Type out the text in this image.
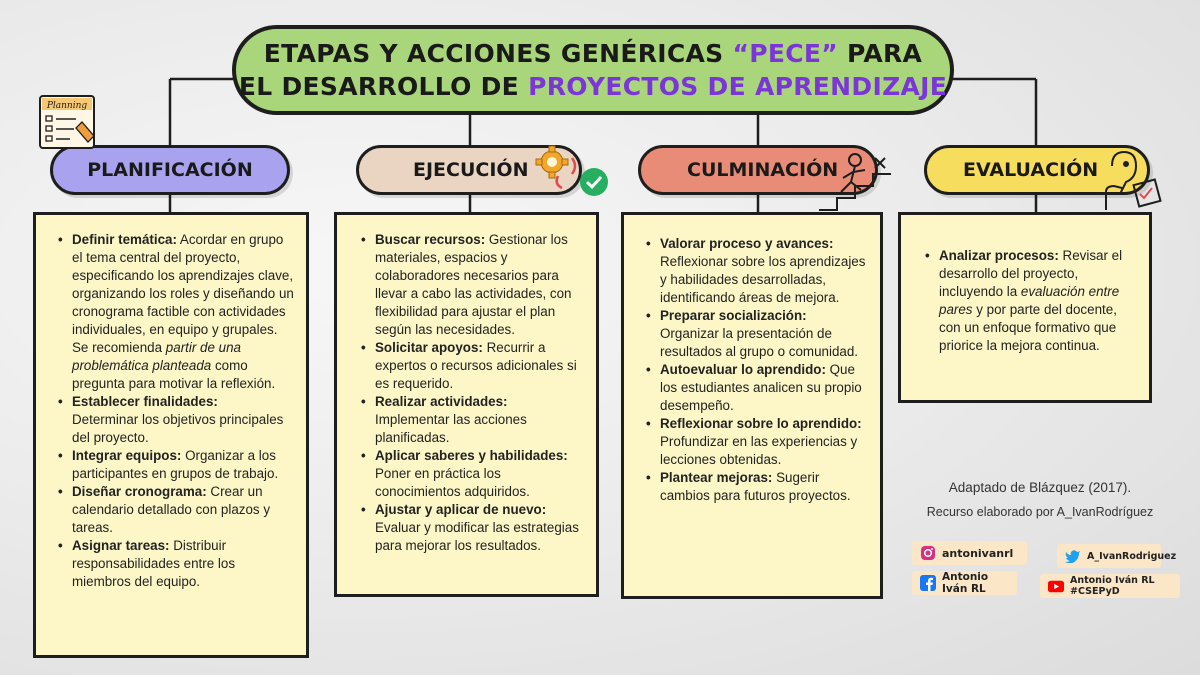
ETAPAS Y ACCIONES GENÉRICAS “PECE” PARA
EL DESARROLLO DE PROYECTOS DE APRENDIZAJE
PLANIFICACIÓN	EJECUCIÓN	CULMINACIÓN	EVALUACIÓN
Planning
• Definir temática: Acordar en grupo el tema central del proyecto, especificando los aprendizajes clave, organizando los roles y diseñando un cronograma factible con actividades individuales, en equipo y grupales. Se recomienda partir de una problemática planteada como pregunta para motivar la reflexión.
• Establecer finalidades:
Determinar los objetivos principales del proyecto.
• Integrar equipos: Organizar a los participantes en grupos de trabajo.
• Diseñar cronograma: Crear un calendario detallado con plazos y tareas.
• Asignar tareas: Distribuir responsabilidades entre los miembros del equipo.
• Buscar recursos: Gestionar los materiales, espacios y colaboradores necesarios para llevar a cabo las actividades, con flexibilidad para ajustar el plan según las necesidades.
• Solicitar apoyos: Recurrir a expertos o recursos adicionales si es requerido.
• Realizar actividades:
Implementar las acciones planificadas.
• Aplicar saberes y habilidades:
Poner en práctica los conocimientos adquiridos.
• Ajustar y aplicar de nuevo:
Evaluar y modificar las estrategias para mejorar los resultados.
• Valorar proceso y avances:
Reflexionar sobre los aprendizajes y habilidades desarrolladas, identificando áreas de mejora.
• Preparar socialización:
Organizar la presentación de resultados al grupo o comunidad.
• Autoevaluar lo aprendido: Que los estudiantes analicen su propio desempeño.
• Reflexionar sobre lo aprendido: Profundizar en las experiencias y lecciones obtenidas.
• Plantear mejoras: Sugerir cambios para futuros proyectos.
• Analizar procesos: Revisar el desarrollo del proyecto, incluyendo la evaluación entre pares y por parte del docente, con un enfoque formativo que priorice la mejora continua.
Adaptado de Blázquez (2017).
Recurso elaborado por A_IvanRodríguez
antonivanrl	A_IvanRodriguez
Antonio Iván RL
Antonio Iván RL #CSEPyD
